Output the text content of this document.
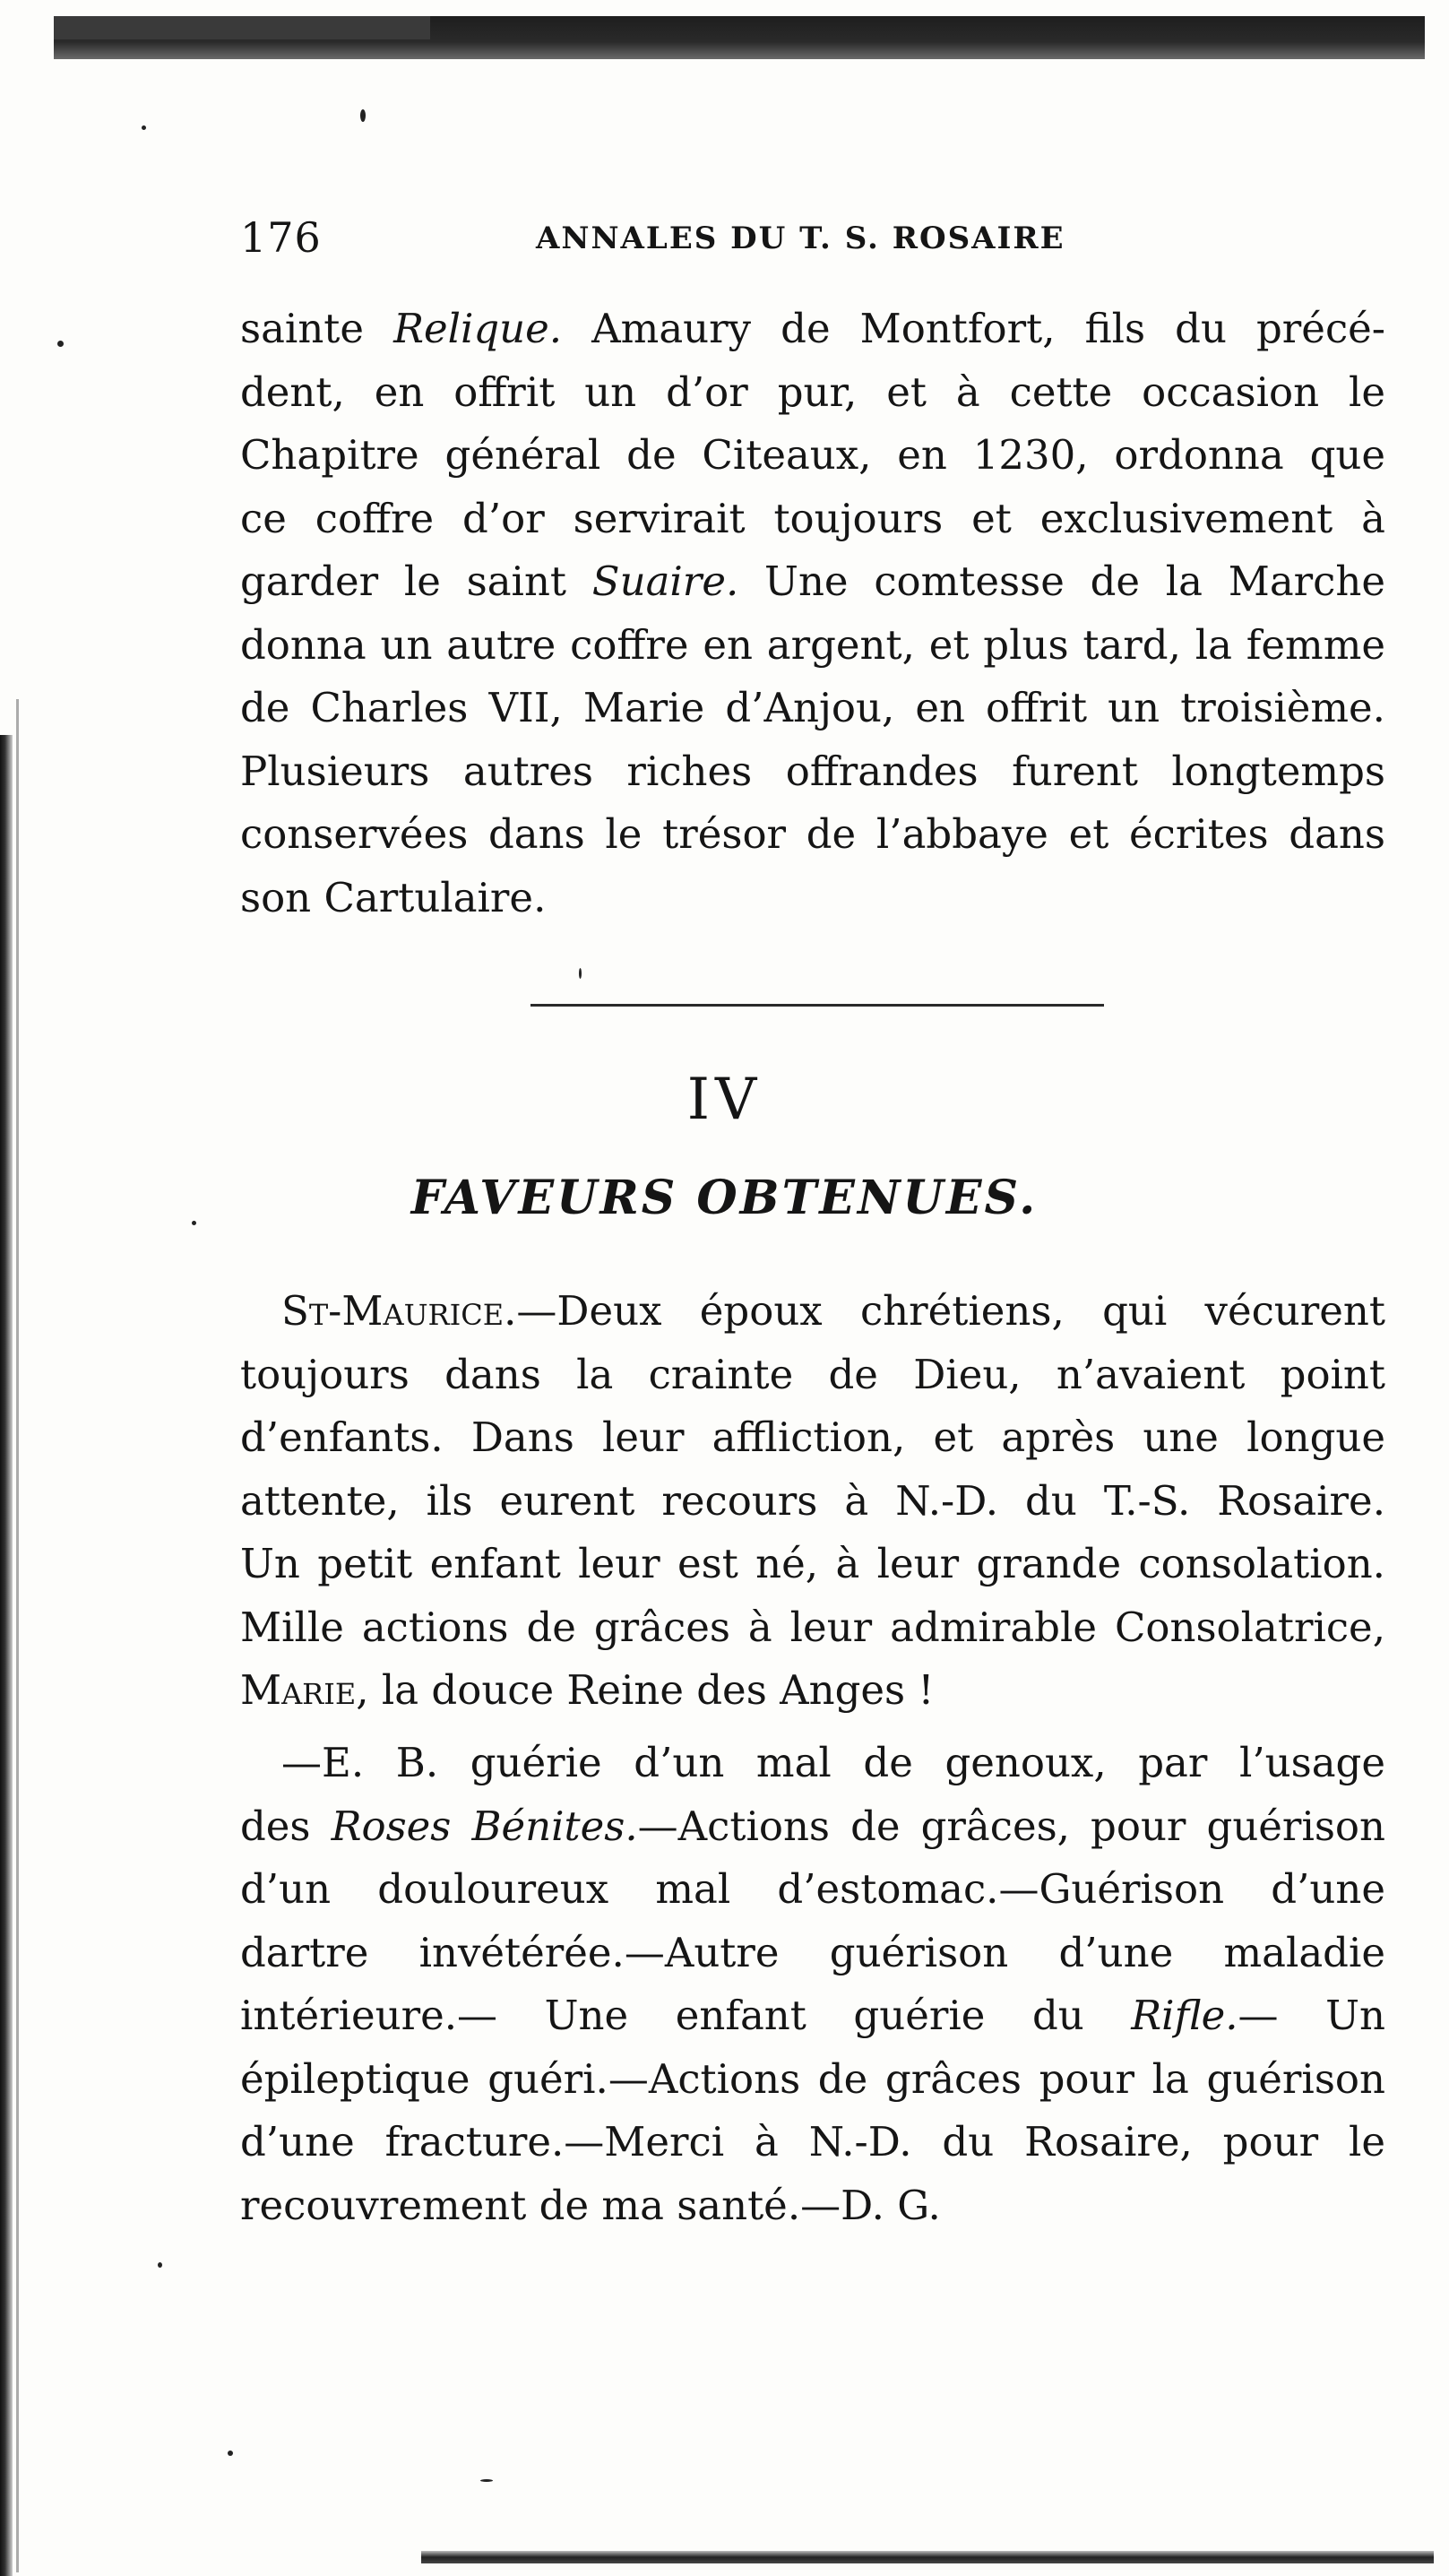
176	ANNALES DU T. S. ROSAIRE
sainte Relique. Amaury de Montfort, fils du précé-
dent, en offrit un d’or pur, et à cette occasion le
Chapitre général de Citeaux, en 1230, ordonna que
ce coffre d’or servirait toujours et exclusivement à
garder le saint Suaire. Une comtesse de la Marche
donna un autre coffre en argent, et plus tard, la femme
de Charles VII, Marie d’Anjou, en offrit un troisième.
Plusieurs autres riches offrandes furent longtemps
conservées dans le trésor de l’abbaye et écrites dans
son Cartulaire.
IV
FAVEURS OBTENUES.
St-Maurice.—Deux époux chrétiens, qui vécurent
toujours dans la crainte de Dieu, n’avaient point
d’enfants. Dans leur affliction, et après une longue
attente, ils eurent recours à N.-D. du T.-S. Rosaire.
Un petit enfant leur est né, à leur grande consolation.
Mille actions de grâces à leur admirable Consolatrice,
Marie, la douce Reine des Anges !
—E. B. guérie d’un mal de genoux, par l’usage
des Roses Bénites.—Actions de grâces, pour guérison
d’un douloureux mal d’estomac.—Guérison d’une
dartre invétérée.—Autre guérison d’une maladie
intérieure.— Une enfant guérie du Rifle.— Un
épileptique guéri.—Actions de grâces pour la guérison
d’une fracture.—Merci à N.-D. du Rosaire, pour le
recouvrement de ma santé.—D. G.
